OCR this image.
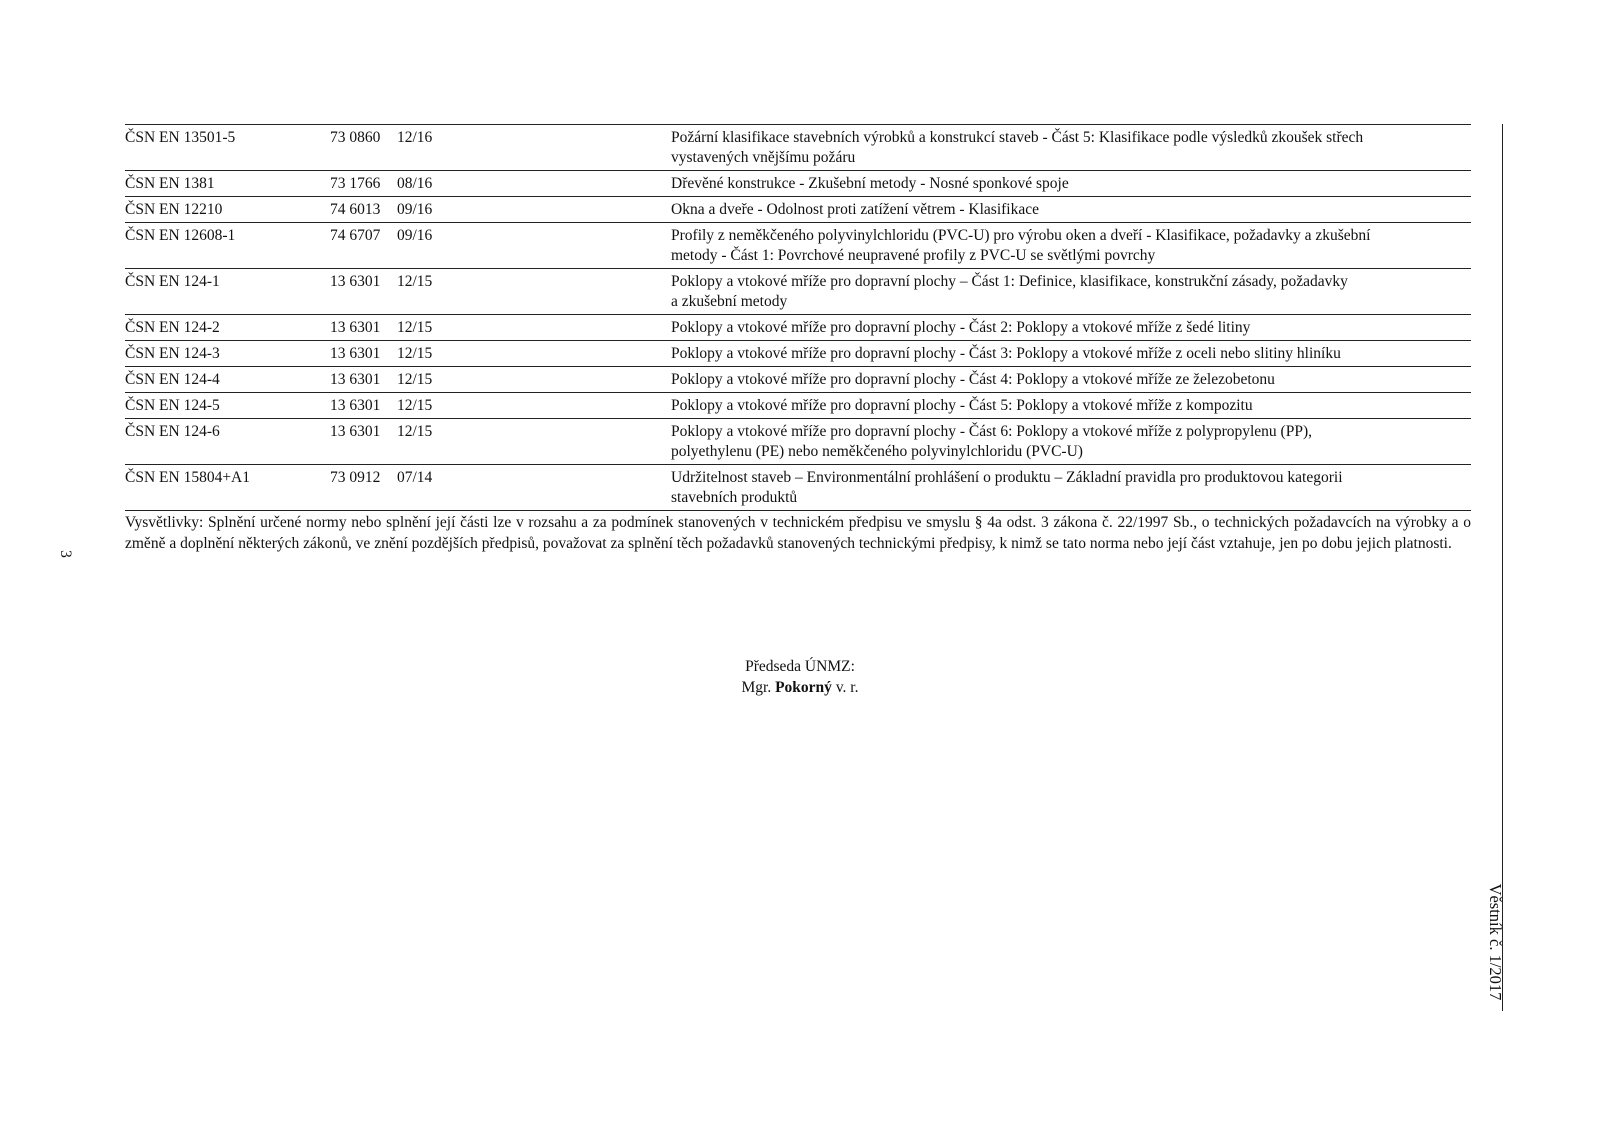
ČSN EN 13501-5	73 0860 12/16	Požární klasifikace stavebních výrobků a konstrukcí staveb - Část 5: Klasifikace podle výsledků zkoušek střech
vystavených vnějšímu požáru
ČSN EN 1381	73 1766 08/16	Dřevěné konstrukce - Zkušební metody - Nosné sponkové spoje
ČSN EN 12210	74 6013 09/16	Okna a dveře - Odolnost proti zatížení větrem - Klasifikace
ČSN EN 12608-1	74 6707 09/16	Profily z neměkčeného polyvinylchloridu (PVC-U) pro výrobu oken a dveří - Klasifikace, požadavky a zkušební
metody - Část 1: Povrchové neupravené profily z PVC-U se světlými povrchy
ČSN EN 124-1	13 6301 12/15	Poklopy a vtokové mříže pro dopravní plochy – Část 1: Definice, klasifikace, konstrukční zásady, požadavky
a zkušební metody
ČSN EN 124-2	13 6301 12/15	Poklopy a vtokové mříže pro dopravní plochy - Část 2: Poklopy a vtokové mříže z šedé litiny
ČSN EN 124-3	13 6301 12/15	Poklopy a vtokové mříže pro dopravní plochy - Část 3: Poklopy a vtokové mříže z oceli nebo slitiny hliníku
ČSN EN 124-4	13 6301 12/15	Poklopy a vtokové mříže pro dopravní plochy - Část 4: Poklopy a vtokové mříže ze železobetonu
ČSN EN 124-5	13 6301 12/15	Poklopy a vtokové mříže pro dopravní plochy - Část 5: Poklopy a vtokové mříže z kompozitu
ČSN EN 124-6	13 6301 12/15	Poklopy a vtokové mříže pro dopravní plochy - Část 6: Poklopy a vtokové mříže z polypropylenu (PP),
polyethylenu (PE) nebo neměkčeného polyvinylchloridu (PVC-U)
ČSN EN 15804+A1	73 0912 07/14	Udržitelnost staveb – Environmentální prohlášení o produktu – Základní pravidla pro produktovou kategorii
stavebních produktů
Vysvětlivky: Splnění určené normy nebo splnění její části lze v rozsahu a za podmínek stanovených v technickém předpisu ve smyslu § 4a odst. 3 zákona č. 22/1997 Sb., o technických požadavcích na výrobky a o změně a doplnění některých zákonů, ve znění pozdějších předpisů, považovat za splnění těch požadavků stanovených technickými předpisy, k nimž se tato norma nebo její část vztahuje, jen po dobu jejich platnosti.
Předseda ÚNMZ:
Mgr. Pokorný v. r.
3
Věstník č. 1/2017
